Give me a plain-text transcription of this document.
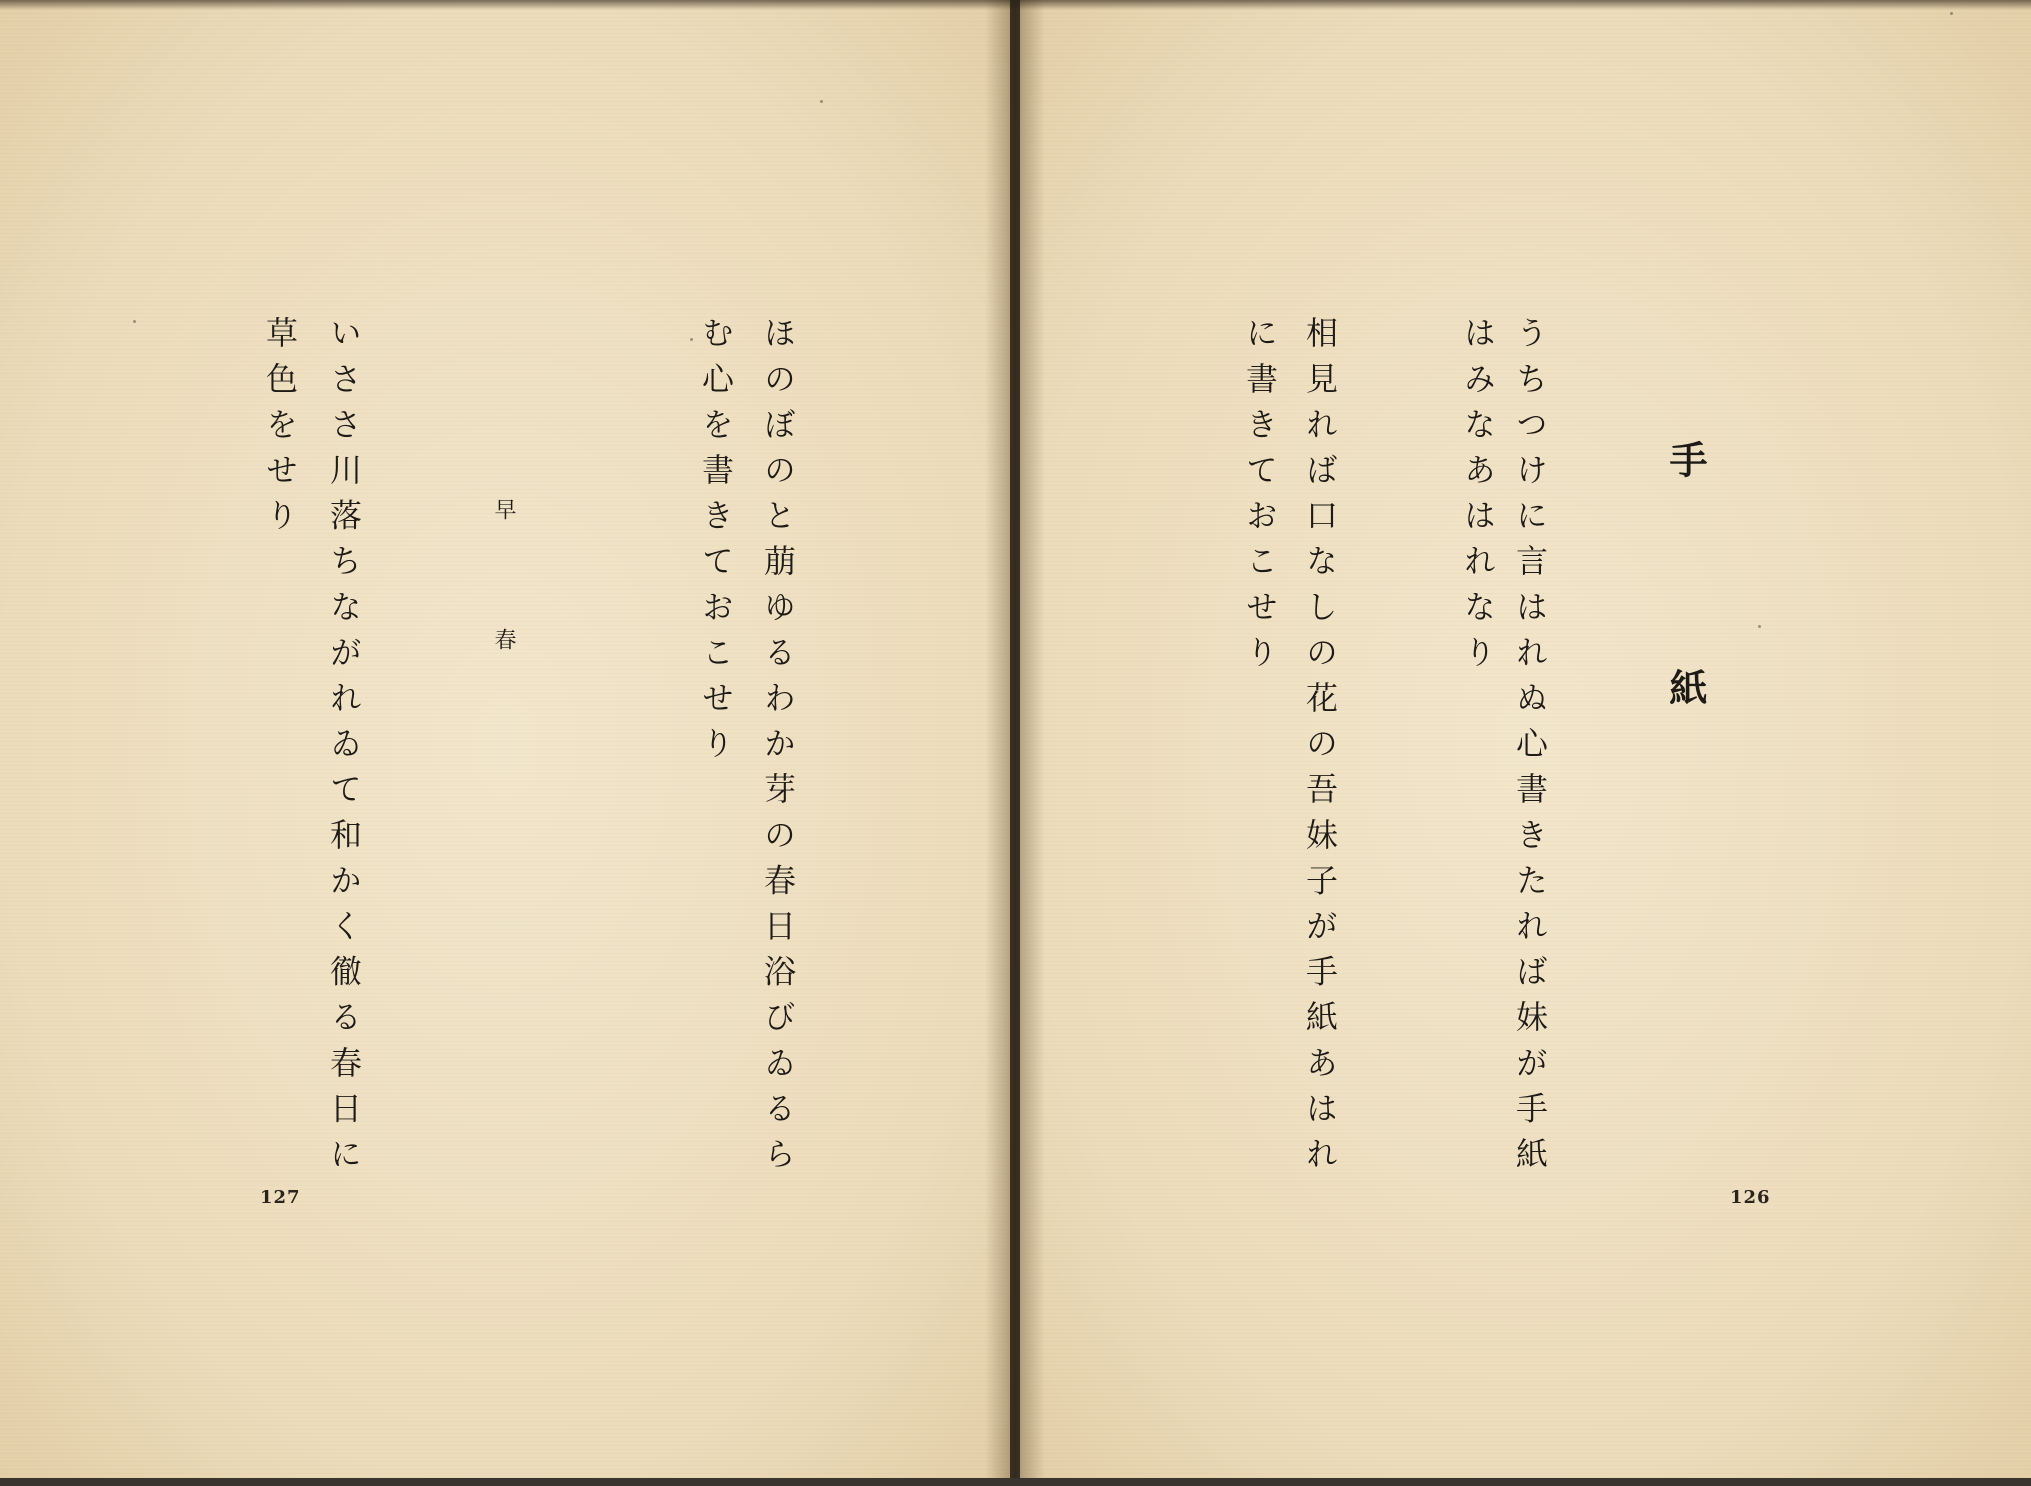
手紙
うちつけに言はれぬ心書きたれば妹が手紙
はみなあはれなり
相見れば口なしの花の吾妹子が手紙あはれ
に書きておこせり
126
ほのぼのと萠ゆるわか芽の春日浴びゐるら
む心を書きておこせり
早春
いささ川落ちながれゐて和かく徹る春日に
草色をせり
127
